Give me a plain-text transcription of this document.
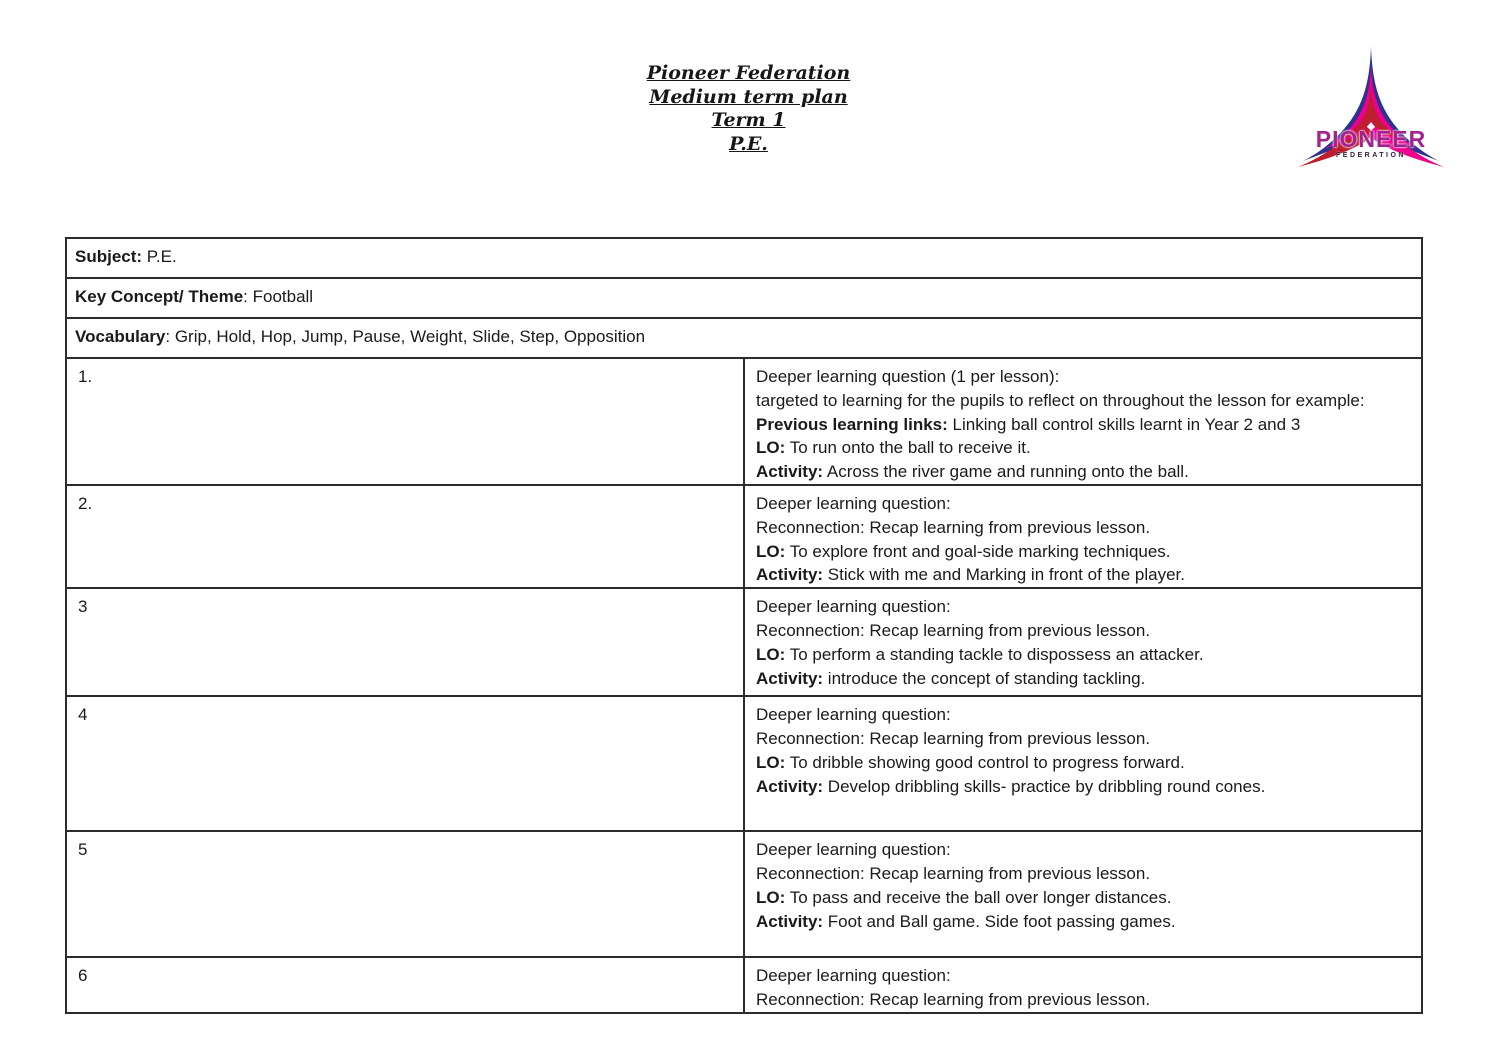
Pioneer Federation
Medium term plan
Term 1
P.E.	PIONEER
FEDERATION
Subject: P.E.	
Key Concept/ Theme: Football	
Vocabulary: Grip, Hold, Hop, Jump, Pause, Weight, Slide, Step, Opposition	
1.	Deeper learning question (1 per lesson):
targeted to learning for the pupils to reflect on throughout the lesson for example:
Previous learning links: Linking ball control skills learnt in Year 2 and 3
LO: To run onto the ball to receive it.
Activity: Across the river game and running onto the ball.

2.	Deeper learning question:
Reconnection: Recap learning from previous lesson.
LO: To explore front and goal-side marking techniques.
Activity: Stick with me and Marking in front of the player.

3	Deeper learning question:
Reconnection: Recap learning from previous lesson.
LO: To perform a standing tackle to dispossess an attacker.
Activity: introduce the concept of standing tackling.

4	Deeper learning question:
Reconnection: Recap learning from previous lesson.
LO: To dribble showing good control to progress forward.
Activity: Develop dribbling skills- practice by dribbling round cones.

5	Deeper learning question:
Reconnection: Recap learning from previous lesson.
LO: To pass and receive the ball over longer distances.
Activity: Foot and Ball game. Side foot passing games.

6	Deeper learning question:
Reconnection: Recap learning from previous lesson.
